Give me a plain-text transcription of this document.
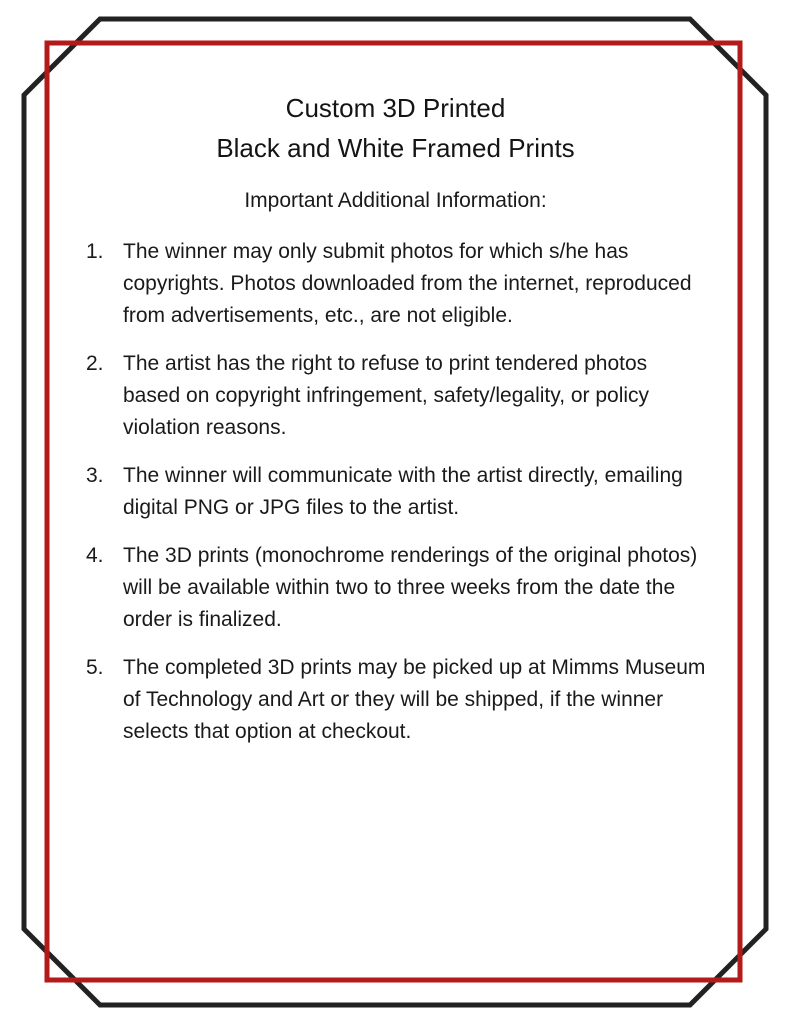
Custom 3D Printed
Black and White Framed Prints
Important Additional Information:
1. The winner may only submit photos for which s/he has copyrights. Photos downloaded from the internet, reproduced from advertisements, etc., are not eligible.
2. The artist has the right to refuse to print tendered photos based on copyright infringement, safety/legality, or policy violation reasons.
3. The winner will communicate with the artist directly, emailing digital PNG or JPG files to the artist.
4. The 3D prints (monochrome renderings of the original photos) will be available within two to three weeks from the date the order is finalized.
5. The completed 3D prints may be picked up at Mimms Museum of Technology and Art or they will be shipped, if the winner selects that option at checkout.
